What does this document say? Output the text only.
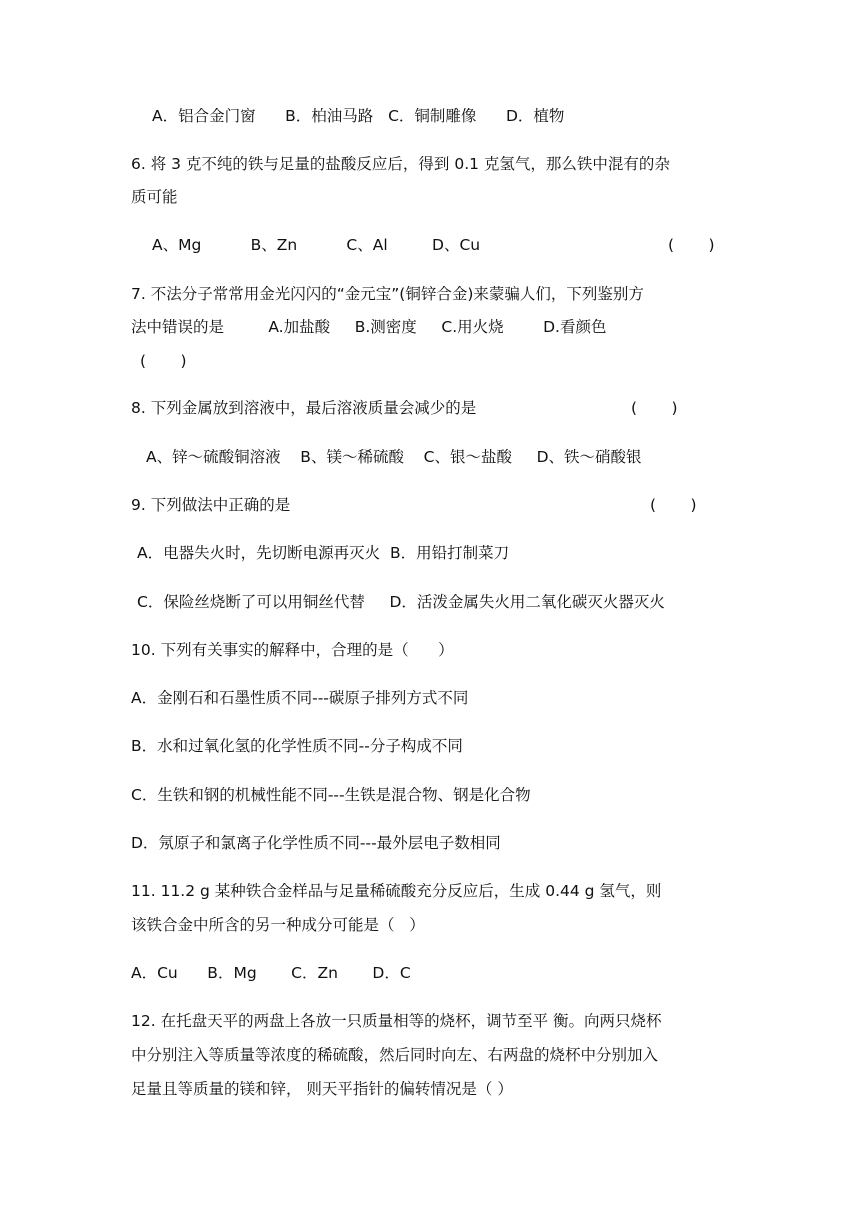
A．铝合金门窗      B．柏油马路   C．铜制雕像      D．植物
6. 将 3 克不纯的铁与足量的盐酸反应后，得到 0.1 克氢气，那么铁中混有的杂
质可能
A、Mg          B、Zn          C、Al         D、Cu	(       )
7. 不法分子常常用金光闪闪的“金元宝”(铜锌合金)来蒙骗人们，下列鉴别方
法中错误的是         A.加盐酸     B.测密度     C.用火烧        D.看颜色
(       )
8. 下列金属放到溶液中，最后溶液质量会减少的是	(       )
A、锌～硫酸铜溶液    B、镁～稀硫酸    C、银～盐酸     D、铁～硝酸银
9. 下列做法中正确的是	(       )
A．电器失火时，先切断电源再灭火  B．用铅打制菜刀
C．保险丝烧断了可以用铜丝代替     D．活泼金属失火用二氧化碳灭火器灭火
10. 下列有关事实的解释中，合理的是（      ）
A．金刚石和石墨性质不同---碳原子排列方式不同
B．水和过氧化氢的化学性质不同--分子构成不同
C．生铁和钢的机械性能不同---生铁是混合物、钢是化合物
D．氖原子和氯离子化学性质不同---最外层电子数相同
11. 11.2 g 某种铁合金样品与足量稀硫酸充分反应后，生成 0.44 g 氢气，则
该铁合金中所含的另一种成分可能是（   ）
A．Cu      B．Mg       C．Zn       D．C
12. 在托盘天平的两盘上各放一只质量相等的烧杯，调节至平 衡。向两只烧杯
中分别注入等质量等浓度的稀硫酸，然后同时向左、右两盘的烧杯中分别加入
足量且等质量的镁和锌， 则天平指针的偏转情况是（ ）
